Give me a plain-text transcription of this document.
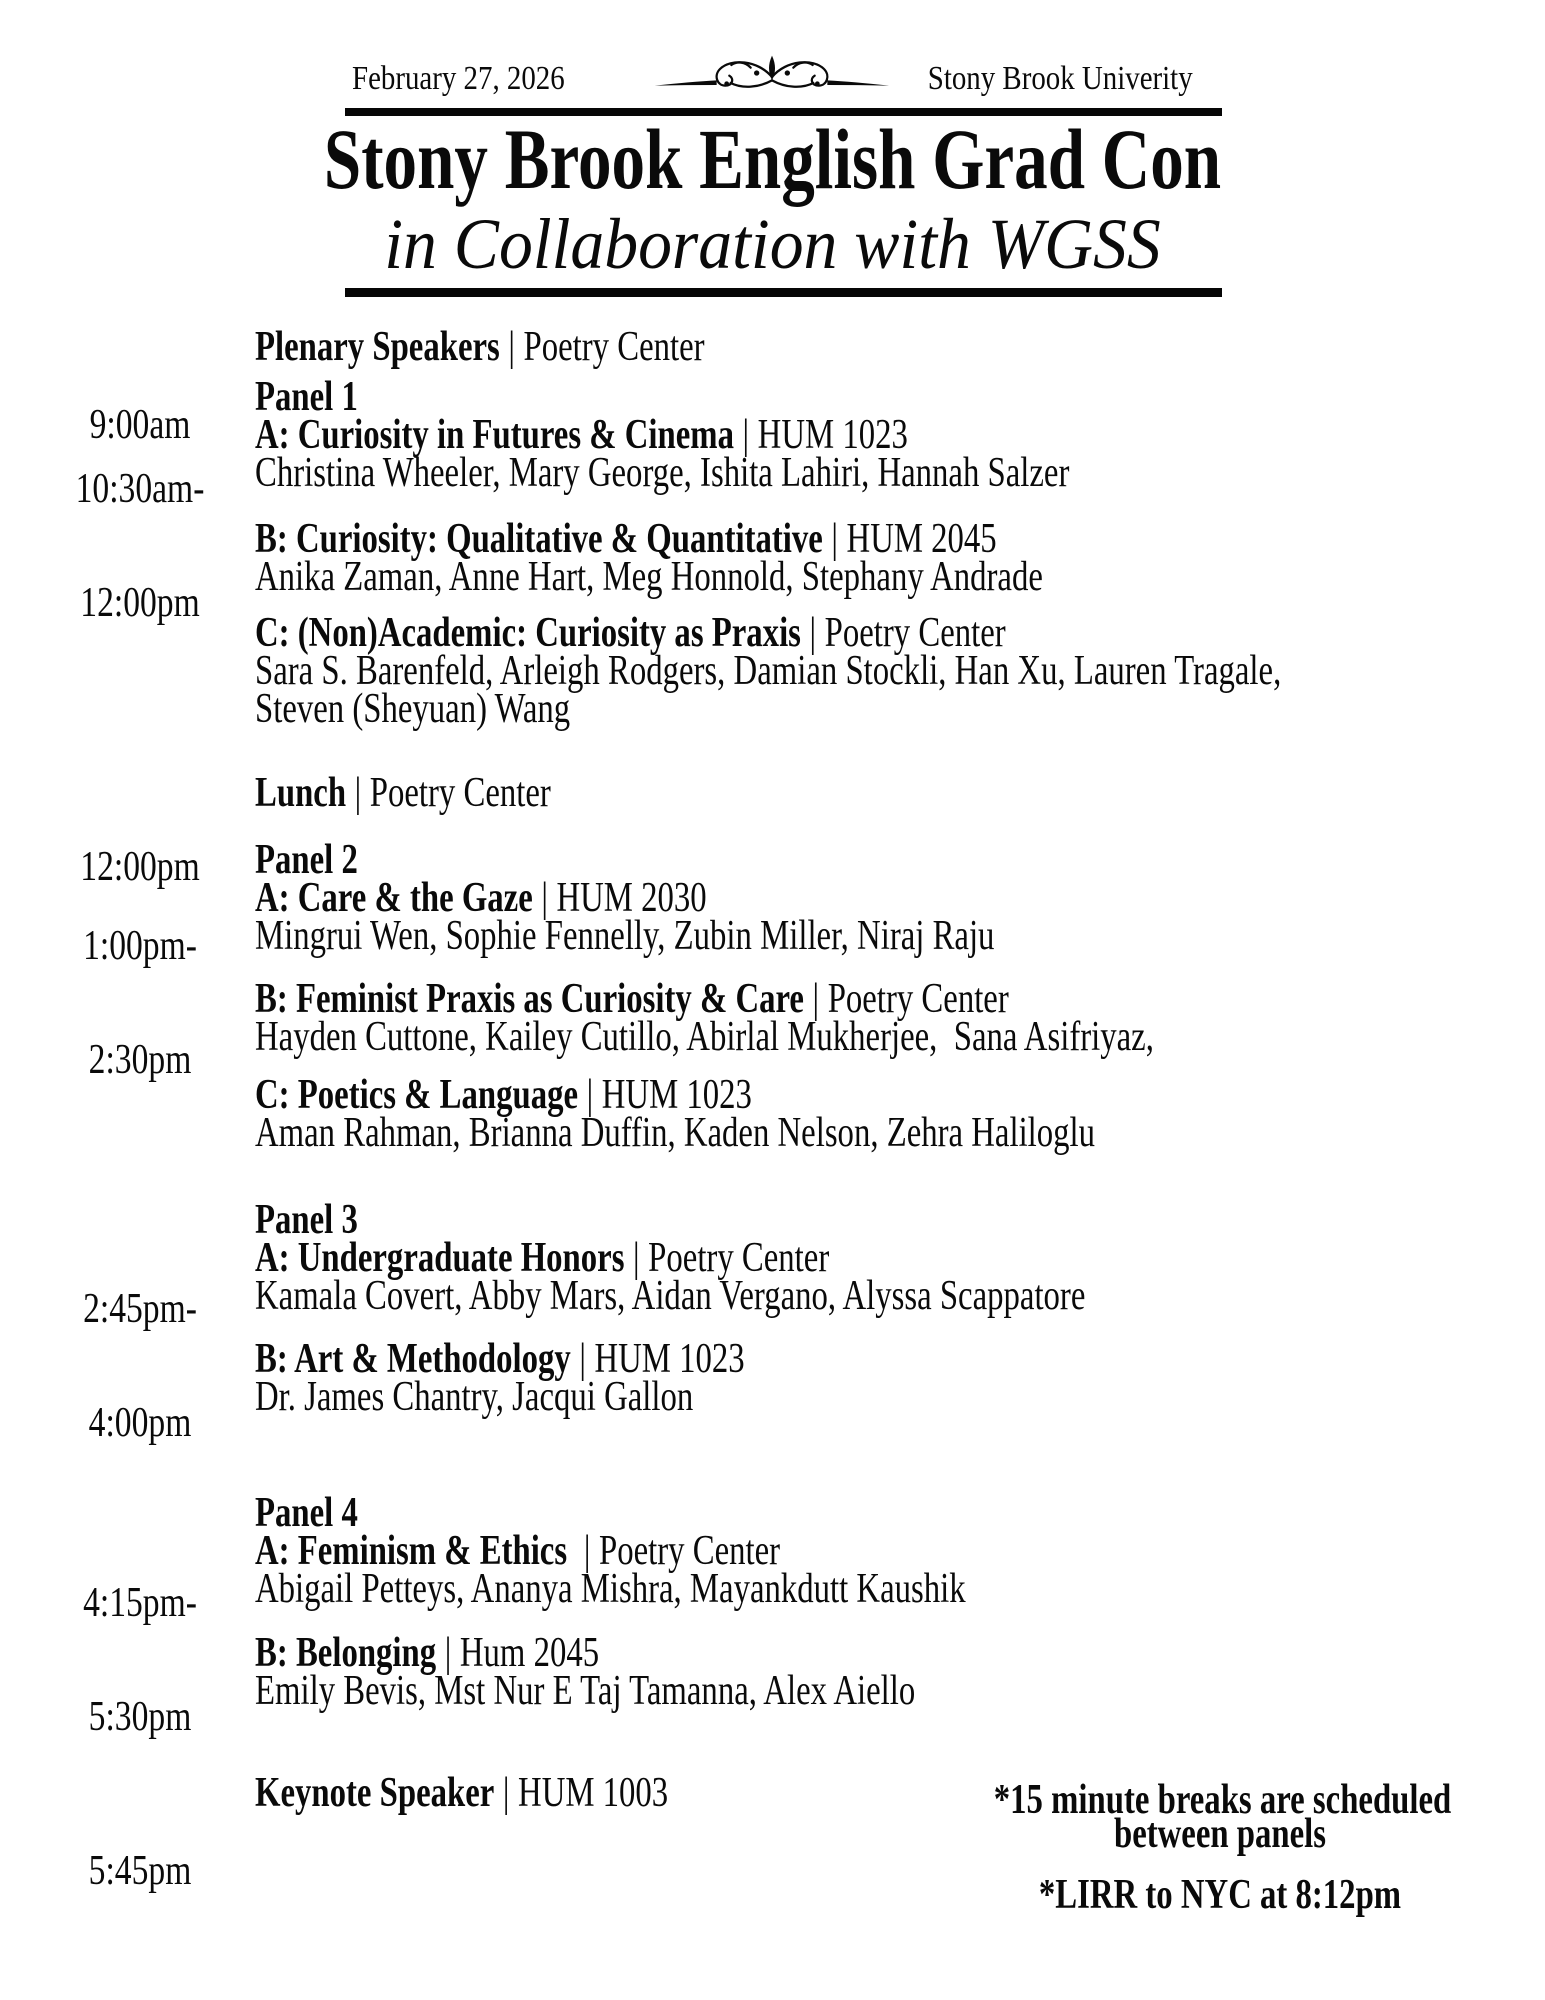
February 27, 2026	Stony Brook Univerity
Stony Brook English Grad Con
in Collaboration with WGSS

9:00am

Plenary Speakers | Poetry Center

10:30am-

12:00pm

Panel 1
A: Curiosity in Futures & Cinema | HUM 1023
Christina Wheeler, Mary George, Ishita Lahiri, Hannah Salzer
B: Curiosity: Qualitative & Quantitative | HUM 2045
Anika Zaman, Anne Hart, Meg Honnold, Stephany Andrade
C: (Non)Academic: Curiosity as Praxis | Poetry Center
Sara S. Barenfeld, Arleigh Rodgers, Damian Stockli, Han Xu, Lauren Tragale,
Steven (Sheyuan) Wang

12:00pm

Lunch | Poetry Center

1:00pm-

2:30pm

Panel 2
A: Care & the Gaze | HUM 2030
Mingrui Wen, Sophie Fennelly, Zubin Miller, Niraj Raju
B: Feminist Praxis as Curiosity & Care | Poetry Center
Hayden Cuttone, Kailey Cutillo, Abirlal Mukherjee,  Sana Asifriyaz,
C: Poetics & Language | HUM 1023
Aman Rahman, Brianna Duffin, Kaden Nelson, Zehra Haliloglu

2:45pm-

4:00pm

Panel 3
A: Undergraduate Honors | Poetry Center
Kamala Covert, Abby Mars, Aidan Vergano, Alyssa Scappatore
B: Art & Methodology | HUM 1023
Dr. James Chantry, Jacqui Gallon

4:15pm-

5:30pm

Panel 4
A: Feminism & Ethics | Poetry Center
Abigail Petteys, Ananya Mishra, Mayankdutt Kaushik
B: Belonging | Hum 2045
Emily Bevis, Mst Nur E Taj Tamanna, Alex Aiello

5:45pm

Keynote Speaker | HUM 1003	*15 minute breaks are scheduled
between panels
*LIRR to NYC at 8:12pm
